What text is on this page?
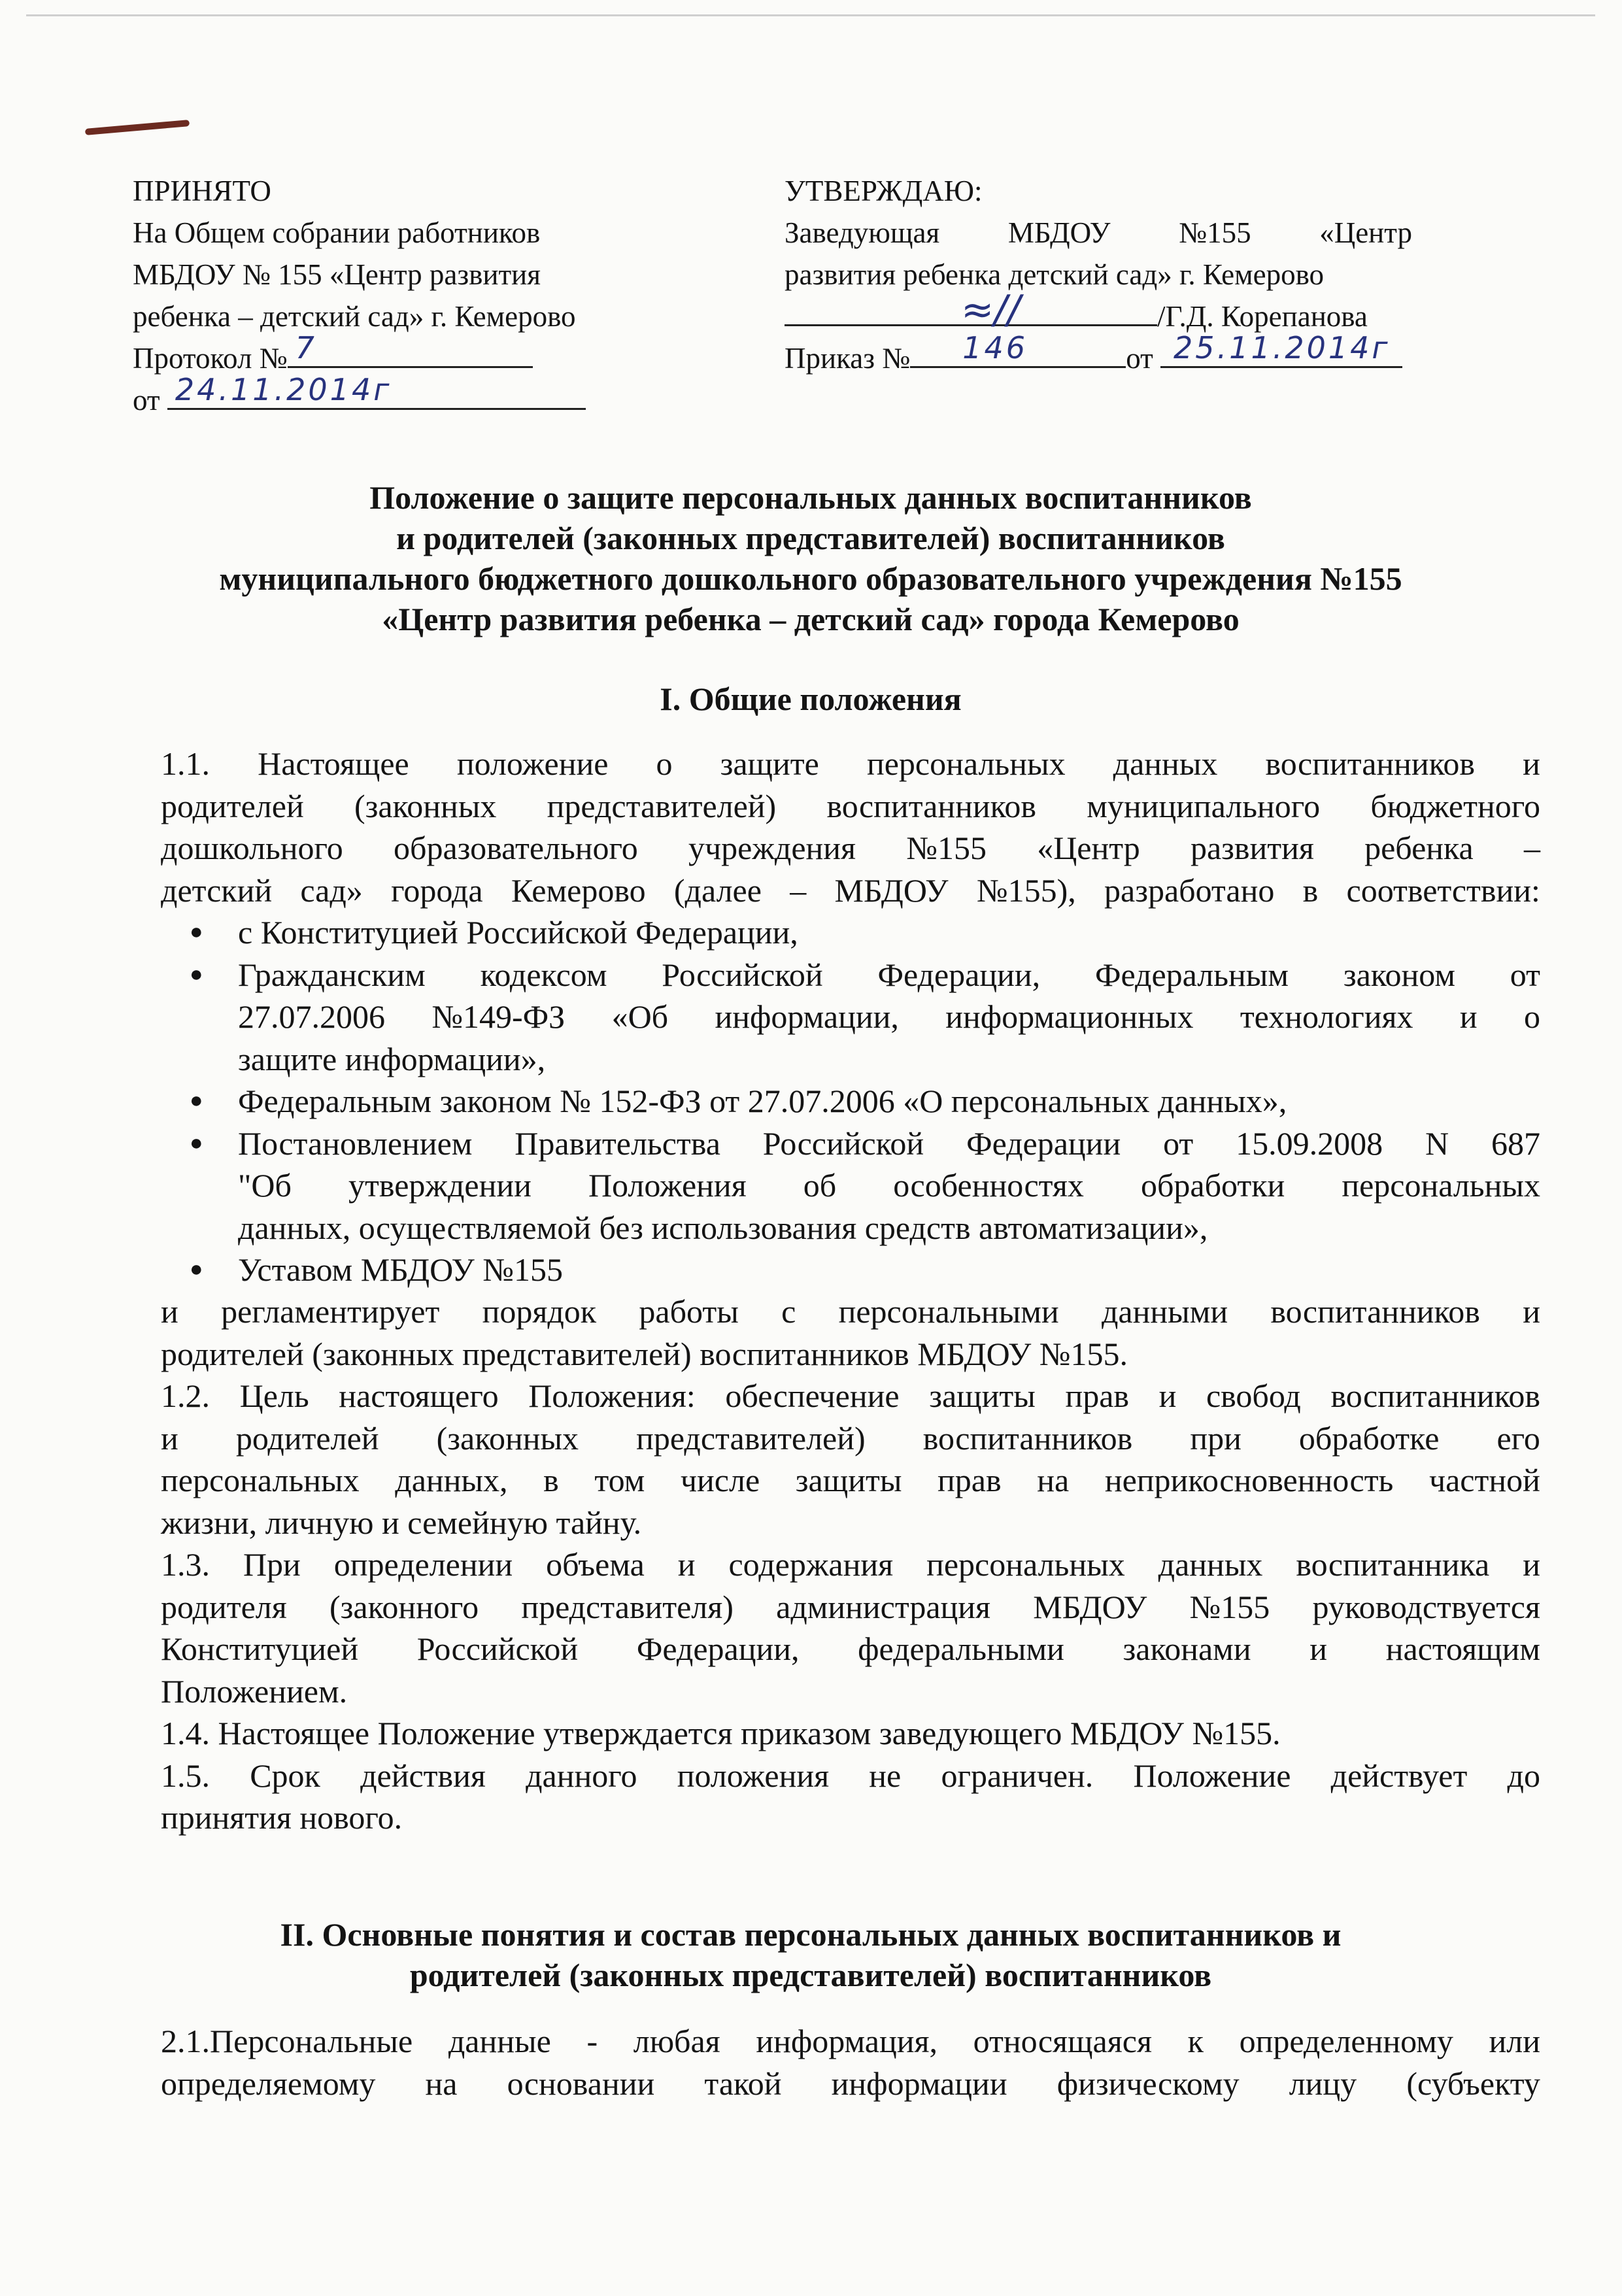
ПРИНЯТО
На Общем собрании работников
МБДОУ № 155 «Центр развития
ребенка – детский сад» г. Кемерово
Протокол № 7
от 24.11.2014г
УТВЕРЖДАЮ:
Заведующая МБДОУ №155 «Центр
развития ребенка детский сад» г. Кемерово
≈∕∕	/Г.Д. Корепанова
Приказ № 146	от 25.11.2014г
Положение о защите персональных данных воспитанников
и родителей (законных представителей) воспитанников
муниципального бюджетного дошкольного образовательного учреждения №155
«Центр развития ребенка – детский сад» города Кемерово
I. Общие положения
1.1. Настоящее положение о защите персональных данных воспитанников и
родителей (законных представителей) воспитанников муниципального бюджетного
дошкольного образовательного учреждения №155 «Центр развития ребенка –
детский сад» города Кемерово (далее – МБДОУ №155), разработано в соответствии:
●	с Конституцией Российской Федерации,
●	Гражданским кодексом Российской Федерации, Федеральным законом от
27.07.2006 №149-ФЗ «Об информации, информационных технологиях и о
защите информации»,
●	Федеральным законом № 152-ФЗ от 27.07.2006 «О персональных данных»,
●	Постановлением Правительства Российской Федерации от 15.09.2008 N 687
"Об утверждении Положения об особенностях обработки персональных
данных, осуществляемой без использования средств автоматизации»,
●	Уставом МБДОУ №155
и регламентирует порядок работы с персональными данными воспитанников и
родителей (законных представителей) воспитанников МБДОУ №155.
1.2. Цель настоящего Положения: обеспечение защиты прав и свобод воспитанников
и родителей (законных представителей) воспитанников при обработке его
персональных данных, в том числе защиты прав на неприкосновенность частной
жизни, личную и семейную тайну.
1.3. При определении объема и содержания персональных данных воспитанника и
родителя (законного представителя) администрация МБДОУ №155 руководствуется
Конституцией Российской Федерации, федеральными законами и настоящим
Положением.
1.4. Настоящее Положение утверждается приказом заведующего МБДОУ №155.
1.5. Срок действия данного положения не ограничен. Положение действует до
принятия нового.
II. Основные понятия и состав персональных данных воспитанников и
родителей (законных представителей) воспитанников
2.1.Персональные данные - любая информация, относящаяся к определенному или
определяемому на основании такой информации физическому лицу (субъекту
